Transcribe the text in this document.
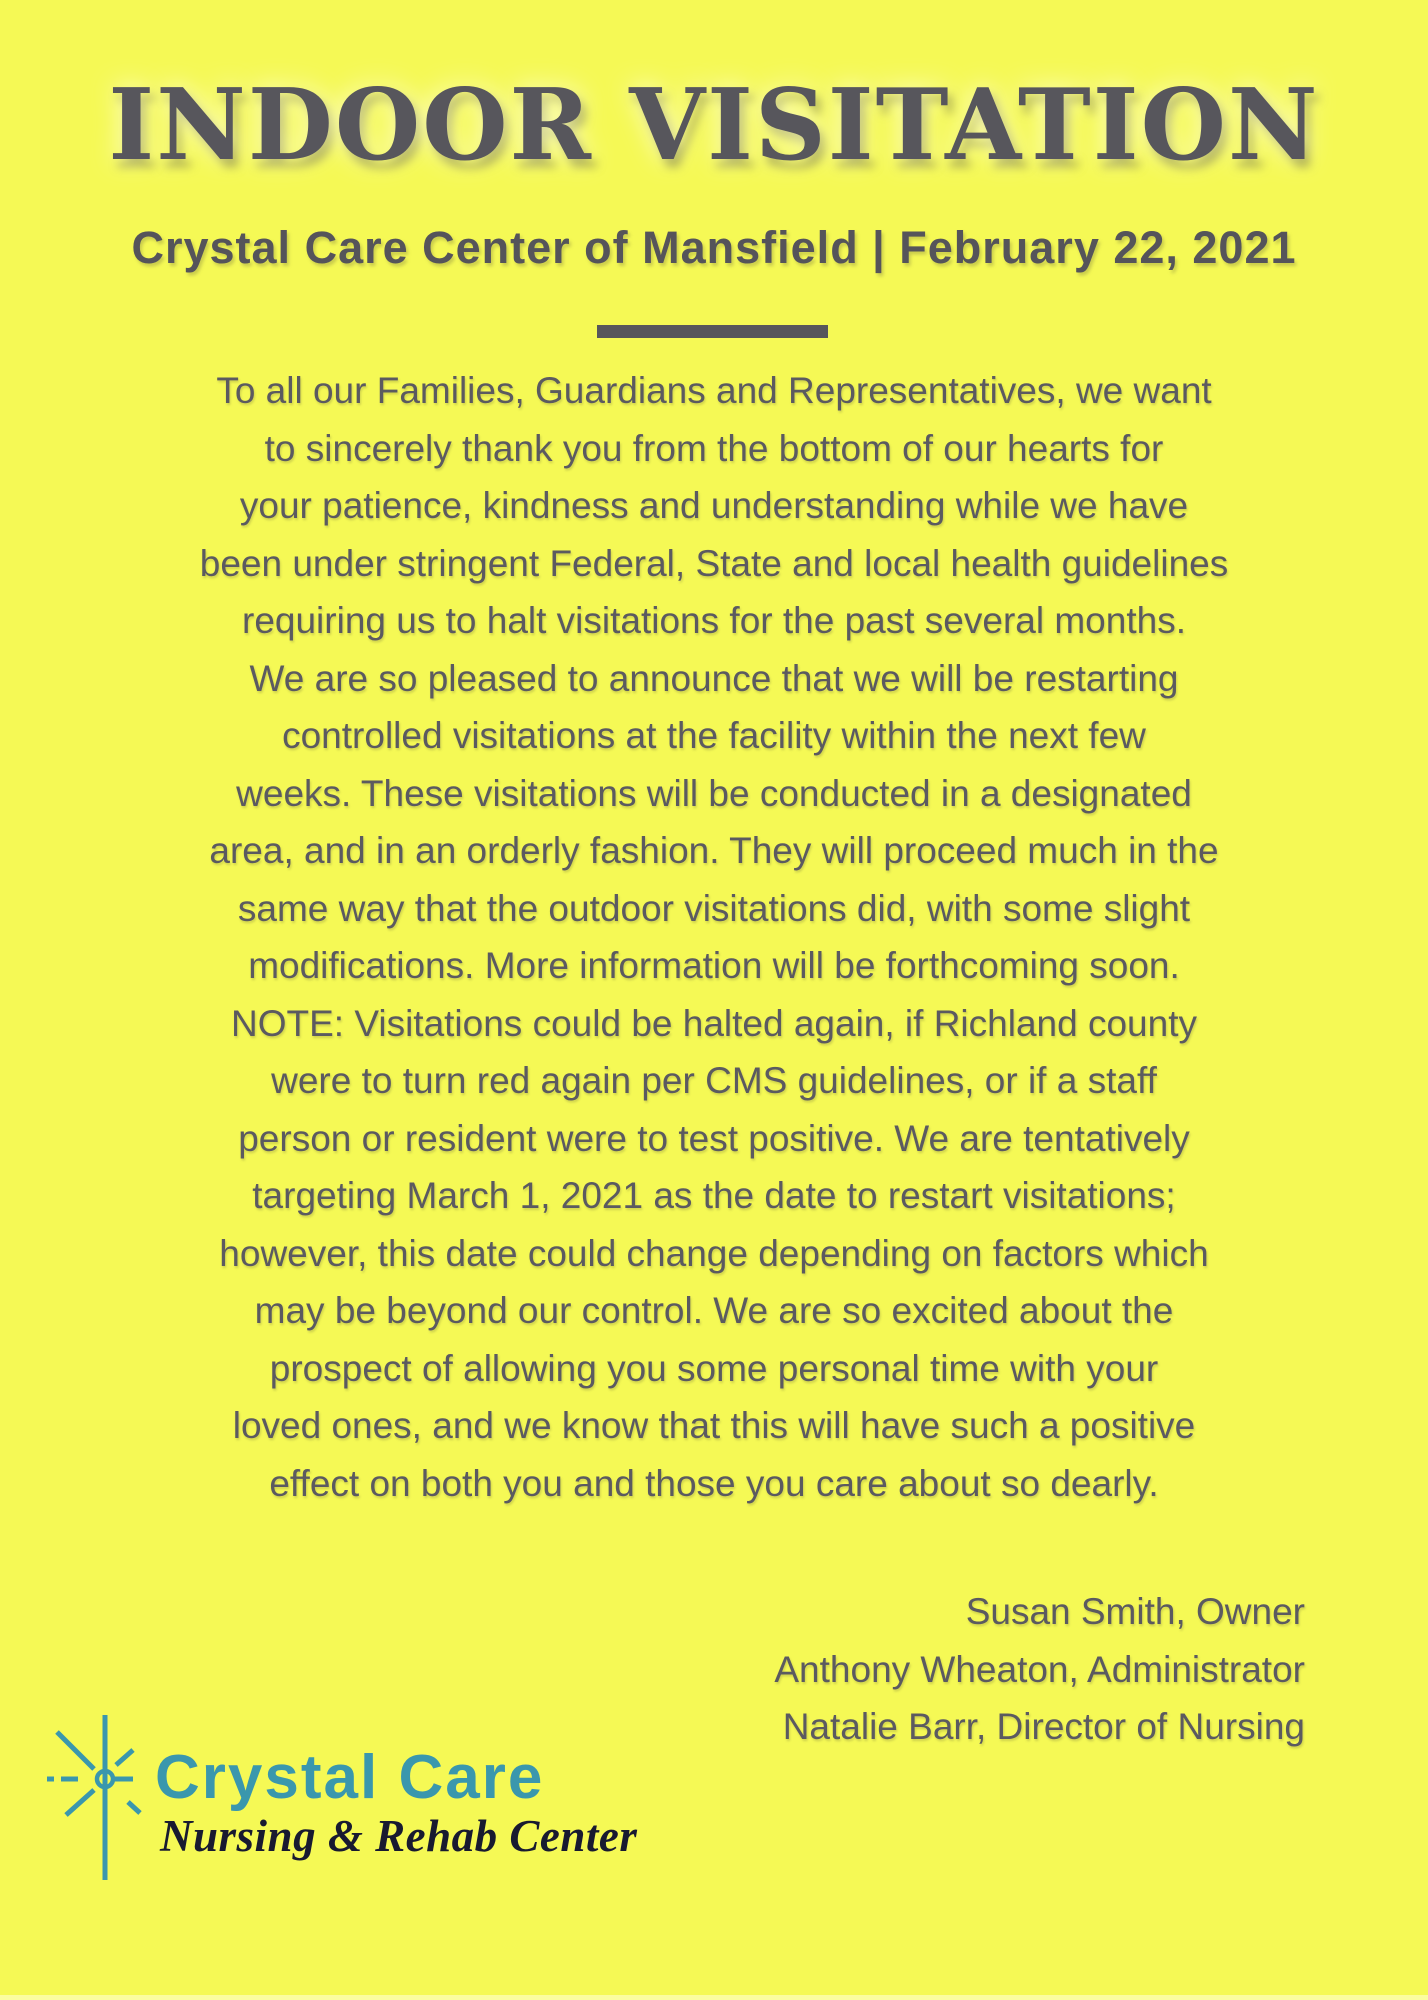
INDOOR VISITATION
Crystal Care Center of Mansfield | February 22, 2021
To all our Families, Guardians and Representatives, we want
to sincerely thank you from the bottom of our hearts for
your patience, kindness and understanding while we have
been under stringent Federal, State and local health guidelines
requiring us to halt visitations for the past several months.
We are so pleased to announce that we will be restarting
controlled visitations at the facility within the next few
weeks. These visitations will be conducted in a designated
area, and in an orderly fashion. They will proceed much in the
same way that the outdoor visitations did, with some slight
modifications. More information will be forthcoming soon.
NOTE: Visitations could be halted again, if Richland county
were to turn red again per CMS guidelines, or if a staff
person or resident were to test positive. We are tentatively
targeting March 1, 2021 as the date to restart visitations;
however, this date could change depending on factors which
may be beyond our control. We are so excited about the
prospect of allowing you some personal time with your
loved ones, and we know that this will have such a positive
effect on both you and those you care about so dearly.
Susan Smith, Owner
Anthony Wheaton, Administrator
Natalie Barr, Director of Nursing
Crystal Care
Nursing & Rehab Center
